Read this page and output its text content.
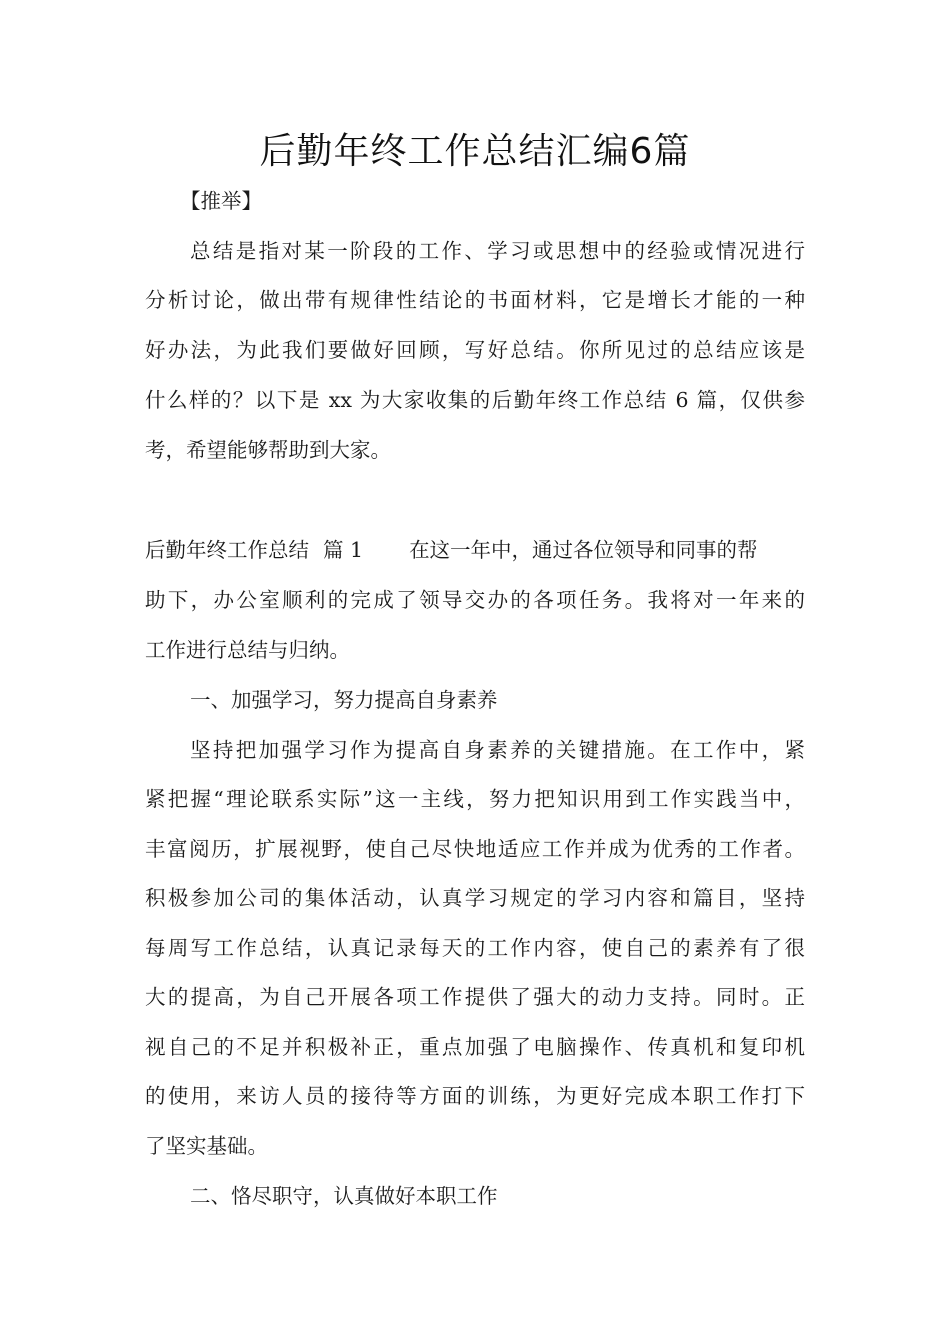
后勤年终工作总结汇编6篇
【推举】
总结是指对某一阶段的工作、学习或思想中的经验或情况进行
分析讨论，做出带有规律性结论的书面材料，它是增长才能的一种
好办法，为此我们要做好回顾，写好总结。你所见过的总结应该是
什么样的？以下是 xx 为大家收集的后勤年终工作总结 6 篇，仅供参
考，希望能够帮助到大家。
后勤年终工作总结 篇 1 在这一年中，通过各位领导和同事的帮
助下，办公室顺利的完成了领导交办的各项任务。我将对一年来的
工作进行总结与归纳。
一、加强学习，努力提高自身素养
坚持把加强学习作为提高自身素养的关键措施。在工作中，紧
紧把握“理论联系实际”这一主线，努力把知识用到工作实践当中，
丰富阅历，扩展视野，使自己尽快地适应工作并成为优秀的工作者。
积极参加公司的集体活动，认真学习规定的学习内容和篇目，坚持
每周写工作总结，认真记录每天的工作内容，使自己的素养有了很
大的提高，为自己开展各项工作提供了强大的动力支持。同时。正
视自己的不足并积极补正，重点加强了电脑操作、传真机和复印机
的使用，来访人员的接待等方面的训练，为更好完成本职工作打下
了坚实基础。
二、恪尽职守，认真做好本职工作
